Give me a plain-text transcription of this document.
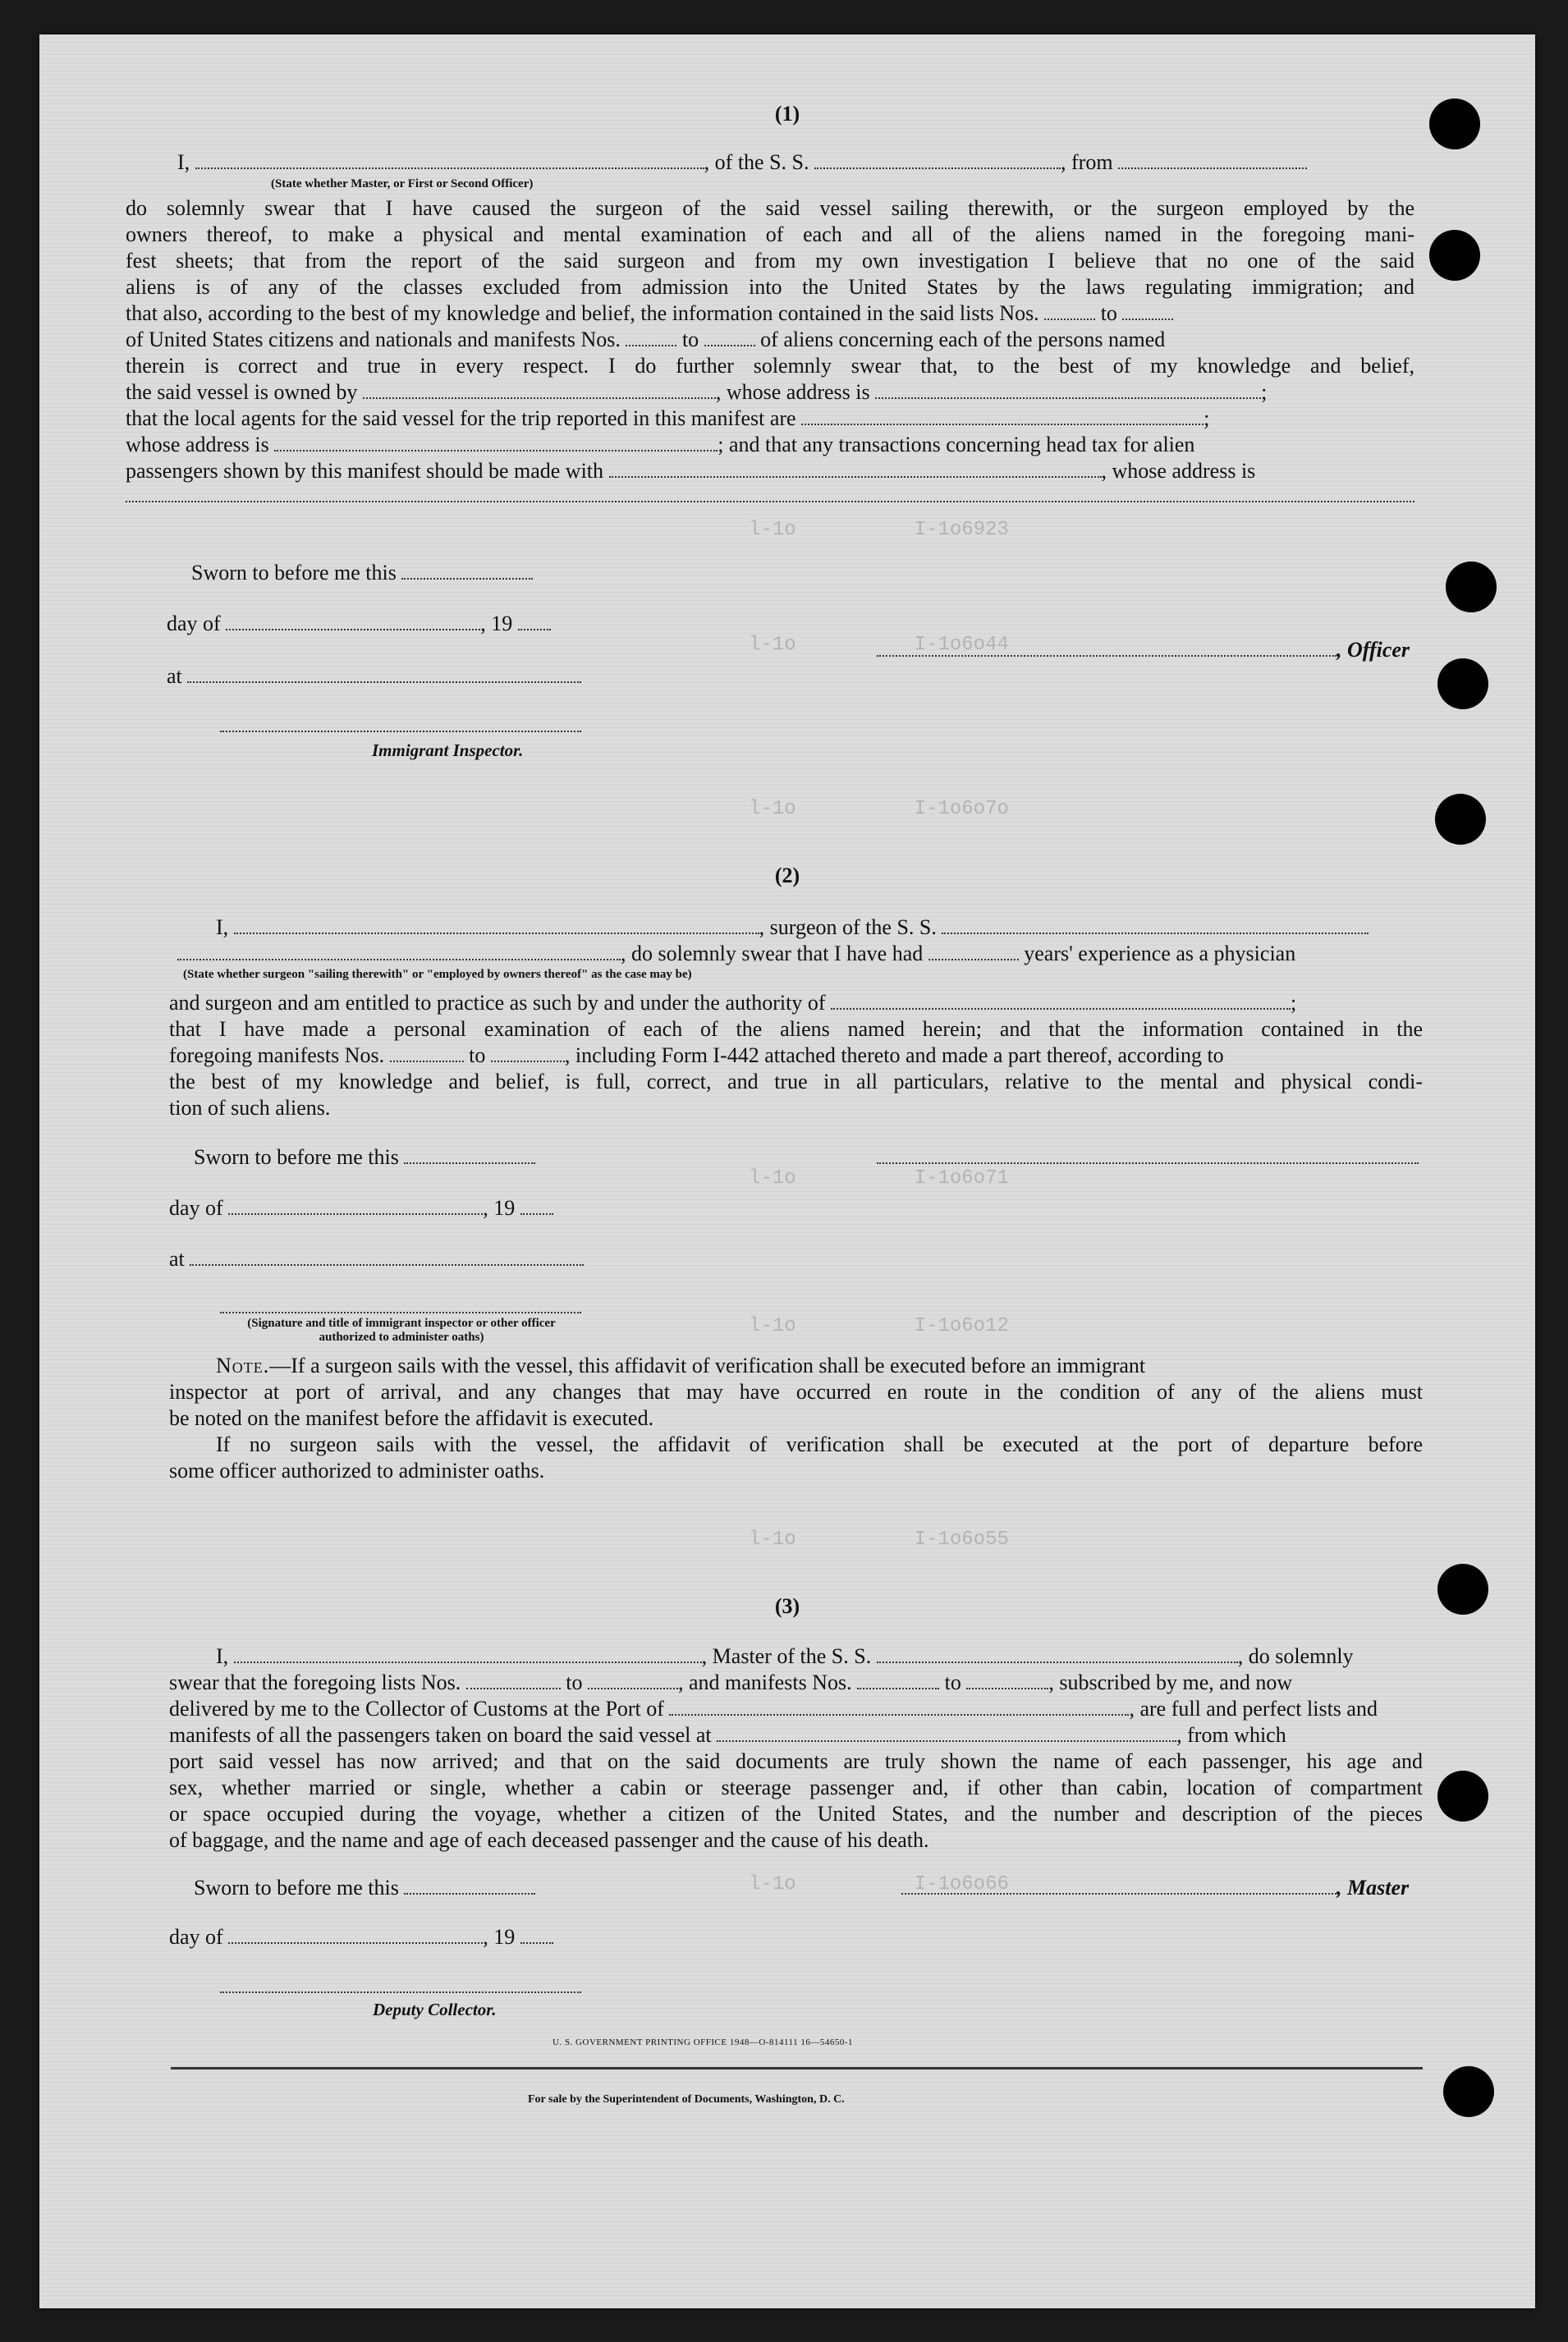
l-1o          I-1o6923
l-1o          I-1o6o44
l-1o          I-1o6o7o
l-1o          I-1o6o71
l-1o          I-1o6o12
l-1o          I-1o6o55
l-1o          I-1o6o66
(1)
I,	, of the S. S.	, from
(State whether Master, or First or Second Officer)
do solemnly swear that I have caused the surgeon of the said vessel sailing therewith, or the surgeon employed by the
owners thereof, to make a physical and mental examination of each and all of the aliens named in the foregoing mani-
fest sheets; that from the report of the said surgeon and from my own investigation I believe that no one of the said
aliens is of any of the classes excluded from admission into the United States by the laws regulating immigration; and
that also, according to the best of my knowledge and belief, the information contained in the said lists Nos.	to
of United States citizens and nationals and manifests Nos.	to	of aliens concerning each of the persons named
therein is correct and true in every respect. I do further solemnly swear that, to the best of my knowledge and belief,
the said vessel is owned by	, whose address is	;
that the local agents for the said vessel for the trip reported in this manifest are	;
whose address is	; and that any transactions concerning head tax for alien
passengers shown by this manifest should be made with	, whose address is
Sworn to before me this
day of	, 19
at
, Officer
Immigrant Inspector.
(2)
I,	, surgeon of the S. S.
, do solemnly swear that I have had	years' experience as a physician
(State whether surgeon "sailing therewith" or "employed by owners thereof" as the case may be)
and surgeon and am entitled to practice as such by and under the authority of	;
that I have made a personal examination of each of the aliens named herein; and that the information contained in the
foregoing manifests Nos.	to	, including Form I-442 attached thereto and made a part thereof, according to
the best of my knowledge and belief, is full, correct, and true in all particulars, relative to the mental and physical condi-
tion of such aliens.
Sworn to before me this
day of	, 19
at
(Signature and title of immigrant inspector or other officer authorized to administer oaths)
Note.—If a surgeon sails with the vessel, this affidavit of verification shall be executed before an immigrant
inspector at port of arrival, and any changes that may have occurred en route in the condition of any of the aliens must
be noted on the manifest before the affidavit is executed.
If no surgeon sails with the vessel, the affidavit of verification shall be executed at the port of departure before
some officer authorized to administer oaths.
(3)
I,	, Master of the S. S.	, do solemnly
swear that the foregoing lists Nos.	to	, and manifests Nos.	to	, subscribed by me, and now
delivered by me to the Collector of Customs at the Port of	, are full and perfect lists and
manifests of all the passengers taken on board the said vessel at	, from which
port said vessel has now arrived; and that on the said documents are truly shown the name of each passenger, his age and
sex, whether married or single, whether a cabin or steerage passenger and, if other than cabin, location of compartment
or space occupied during the voyage, whether a citizen of the United States, and the number and description of the pieces
of baggage, and the name and age of each deceased passenger and the cause of his death.
Sworn to before me this	, Master
day of	, 19
Deputy Collector.
U. S. GOVERNMENT PRINTING OFFICE 1948—O-814111 16—54650-1
For sale by the Superintendent of Documents, Washington, D. C.
